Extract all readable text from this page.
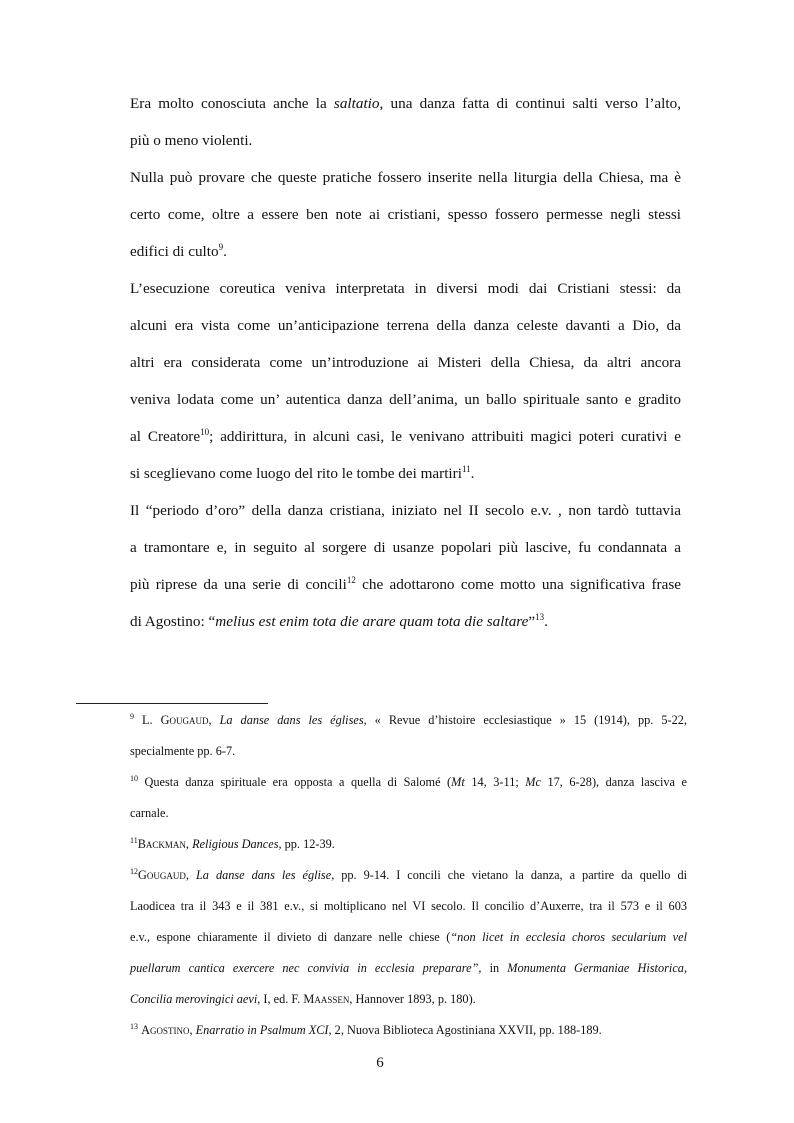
Era molto conosciuta anche la saltatio, una danza fatta di continui salti verso l’alto,
più o meno violenti.

Nulla può provare che queste pratiche fossero inserite nella liturgia della Chiesa, ma è
certo come, oltre a essere ben note ai cristiani, spesso fossero permesse negli stessi
edifici di culto$^9$.

L’esecuzione coreutica veniva interpretata in diversi modi dai Cristiani stessi: da
alcuni era vista come un’anticipazione terrena della danza celeste davanti a Dio, da
altri era considerata come un’introduzione ai Misteri della Chiesa, da altri ancora
veniva lodata come un’ autentica danza dell’anima, un ballo spirituale santo e gradito
al Creatore$^{10}$; addirittura, in alcuni casi, le venivano attribuiti magici poteri curativi e
si sceglievano come luogo del rito le tombe dei martiri$^{11}$.

Il “periodo d’oro” della danza cristiana, iniziato nel II secolo e.v. , non tardò tuttavia
a tramontare e, in seguito al sorgere di usanze popolari più lascive, fu condannata a
più riprese da una serie di concili$^{12}$ che adottarono come motto una significativa frase
di Agostino: “melius est enim tota die arare quam tota die saltare”$^{13}$.

$^9$ L. Gougaud, La danse dans les églises, « Revue d’histoire ecclesiastique » 15 (1914), pp. 5-22,
specialmente pp. 6-7.

$^{10}$ Questa danza spirituale era opposta a quella di Salomé (Mt 14, 3-11; Mc 17, 6-28), danza lasciva e
carnale.

$^{11}$Backman, Religious Dances, pp. 12-39.

$^{12}$Gougaud, La danse dans les église, pp. 9-14. I concili che vietano la danza, a partire da quello di
Laodicea tra il 343 e il 381 e.v., si moltiplicano nel VI secolo. Il concilio d’Auxerre, tra il 573 e il 603
e.v., espone chiaramente il divieto di danzare nelle chiese (“non licet in ecclesia choros secularium vel
puellarum cantica exercere nec convivia in ecclesia preparare”, in Monumenta Germaniae Historica,
Concilia merovingici aevi, I, ed. F. Maassen, Hannover 1893, p. 180).

$^{13}$ Agostino, Enarratio in Psalmum XCI, 2, Nuova Biblioteca Agostiniana XXVII, pp. 188-189.

6
